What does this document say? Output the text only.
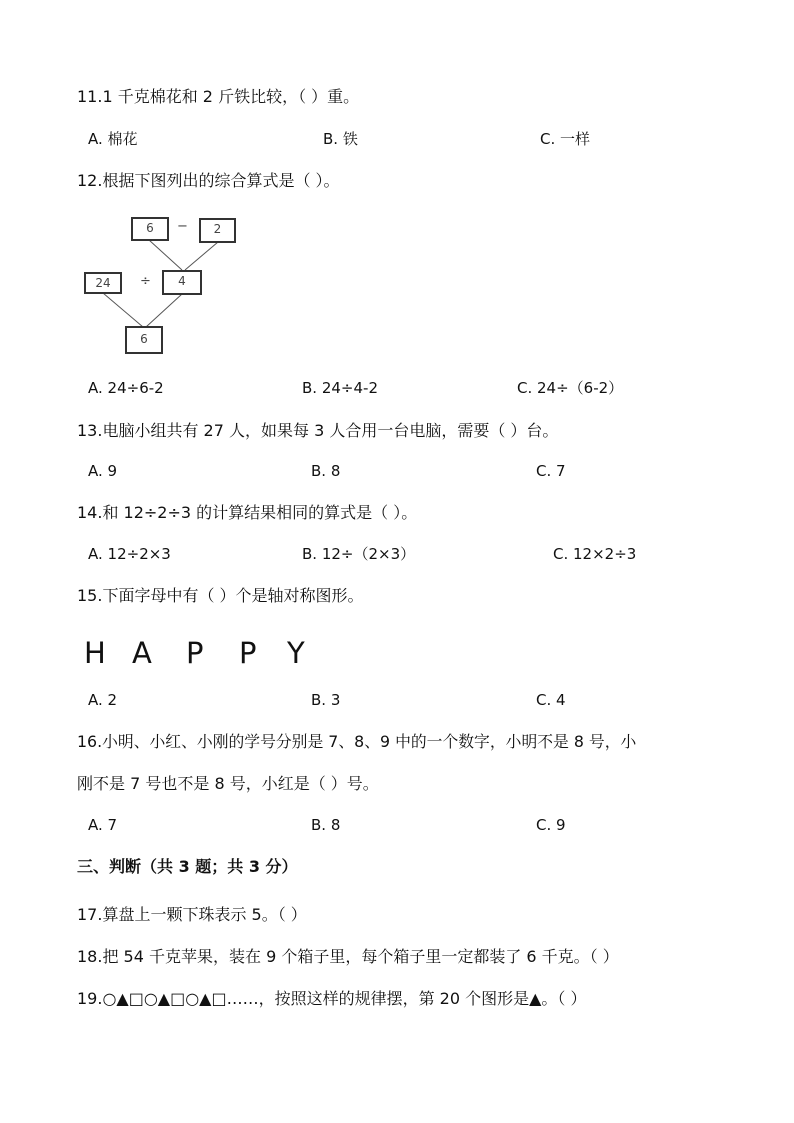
11.1 千克棉花和 2 斤铁比较，（ ）重。
A. 棉花	B. 铁	C. 一样
12.根据下图列出的综合算式是（ ）。
6	−	2
24	÷	4
6
A. 24÷6-2	B. 24÷4-2	C. 24÷（6-2）
13.电脑小组共有 27 人，如果每 3 人合用一台电脑，需要（ ）台。
A. 9	B. 8	C. 7
14.和 12÷2÷3 的计算结果相同的算式是（ ）。
A. 12÷2×3	B. 12÷（2×3）	C. 12×2÷3
15.下面字母中有（ ）个是轴对称图形。
H A P P Y
A. 2	B. 3	C. 4
16.小明、小红、小刚的学号分别是 7、8、9 中的一个数字，小明不是 8 号，小
刚不是 7 号也不是 8 号，小红是（ ）号。
A. 7	B. 8	C. 9
三、判断（共 3 题；共 3 分）
17.算盘上一颗下珠表示 5。（ ）
18.把 54 千克苹果，装在 9 个箱子里，每个箱子里一定都装了 6 千克。（ ）
19.○▲□○▲□○▲□……，按照这样的规律摆，第 20 个图形是▲。（ ）
